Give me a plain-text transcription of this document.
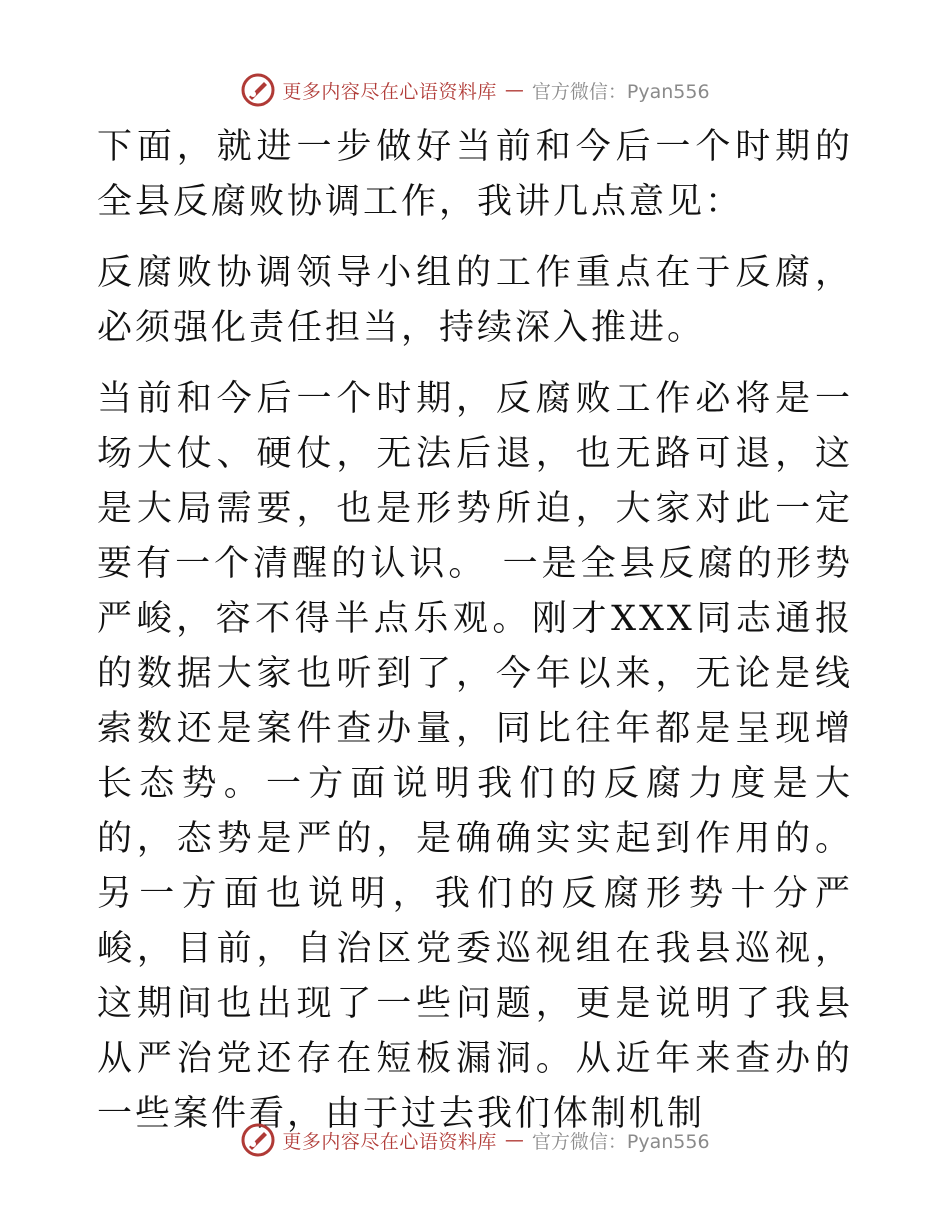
更多内容尽在心语资料库 — 官方微信：Pyan556

下面，就进一步做好当前和今后一个时期的全县反腐败协调工作，我讲几点意见：

反腐败协调领导小组的工作重点在于反腐，必须强化责任担当，持续深入推进。

当前和今后一个时期，反腐败工作必将是一场大仗、硬仗，无法后退，也无路可退，这是大局需要，也是形势所迫，大家对此一定要有一个清醒的认识。 一是全县反腐的形势严峻，容不得半点乐观。刚才XXX同志通报的数据大家也听到了，今年以来，无论是线索数还是案件查办量，同比往年都是呈现增长态势。一方面说明我们的反腐力度是大的，态势是严的，是确确实实起到作用的。另一方面也说明，我们的反腐形势十分严峻，目前，自治区党委巡视组在我县巡视，这期间也出现了一些问题，更是说明了我县从严治党还存在短板漏洞。从近年来查办的一些案件看，由于过去我们体制机制

更多内容尽在心语资料库 — 官方微信：Pyan556
